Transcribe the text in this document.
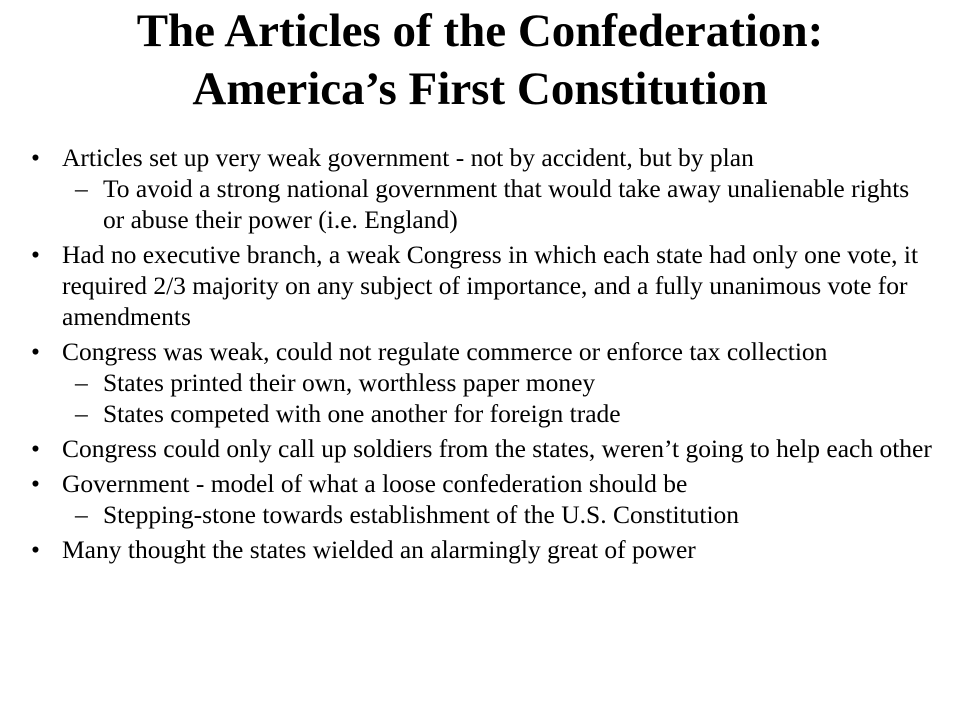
The Articles of the Confederation:
America’s First Constitution
• Articles set up very weak government - not by accident, but by plan
– To avoid a strong national government that would take away unalienable rights or abuse their power (i.e. England)
• Had no executive branch, a weak Congress in which each state had only one vote, it required 2/3 majority on any subject of importance, and a fully unanimous vote for amendments
• Congress was weak, could not regulate commerce or enforce tax collection
– States printed their own, worthless paper money
– States competed with one another for foreign trade
• Congress could only call up soldiers from the states, weren’t going to help each other
• Government - model of what a loose confederation should be
– Stepping-stone towards establishment of the U.S. Constitution
• Many thought the states wielded an alarmingly great of power
